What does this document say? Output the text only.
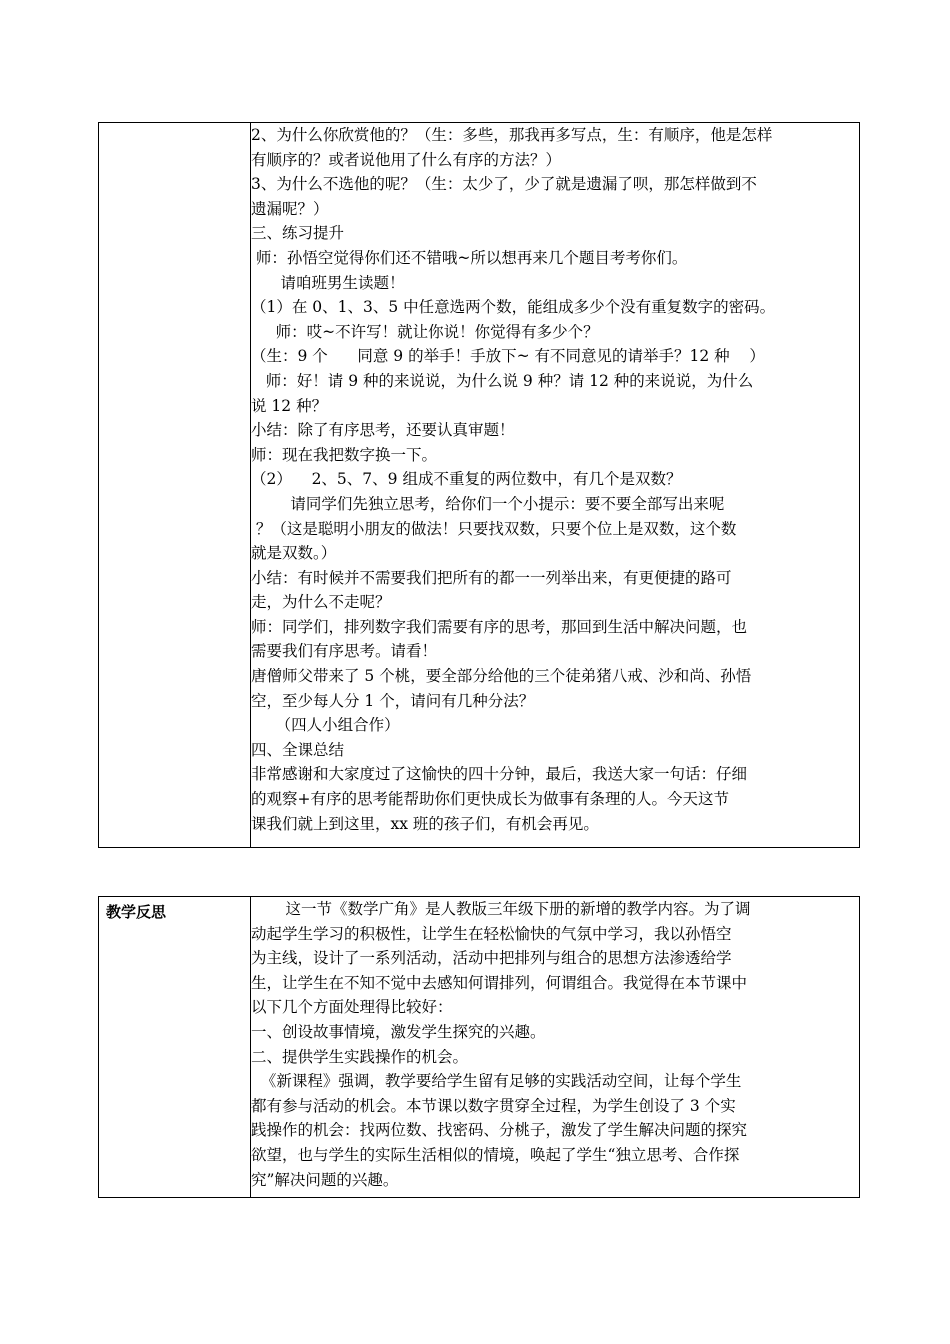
2、为什么你欣赏他的？（生：多些，那我再多写点，生：有顺序，他是怎样
有顺序的？或者说他用了什么有序的方法？）
3、为什么不选他的呢？（生：太少了，少了就是遗漏了呗，那怎样做到不
遗漏呢？）
三、练习提升
师：孙悟空觉得你们还不错哦~所以想再来几个题目考考你们。
请咱班男生读题！
（1）在 0、1、3、5 中任意选两个数，能组成多少个没有重复数字的密码。
师：哎~不许写！就让你说！你觉得有多少个？
（生：9 个      同意 9 的举手！手放下~ 有不同意见的请举手？12 种    ）
师：好！请 9 种的来说说，为什么说 9 种？请 12 种的来说说，为什么
说 12 种？
小结：除了有序思考，还要认真审题！
师：现在我把数字换一下。
（2）    2、5、7、9 组成不重复的两位数中，有几个是双数？
请同学们先独立思考，给你们一个小提示：要不要全部写出来呢
？（这是聪明小朋友的做法！只要找双数，只要个位上是双数，这个数
就是双数。）
小结：有时候并不需要我们把所有的都一一列举出来，有更便捷的路可
走，为什么不走呢？
师：同学们，排列数字我们需要有序的思考，那回到生活中解决问题，也
需要我们有序思考。请看！
唐僧师父带来了 5 个桃，要全部分给他的三个徒弟猪八戒、沙和尚、孙悟
空，至少每人分 1 个，请问有几种分法？
（四人小组合作）
四、全课总结
非常感谢和大家度过了这愉快的四十分钟，最后，我送大家一句话：仔细
的观察+有序的思考能帮助你们更快成长为做事有条理的人。今天这节
课我们就上到这里，xx 班的孩子们，有机会再见。
教学反思	这一节《数学广角》是人教版三年级下册的新增的教学内容。为了调
动起学生学习的积极性，让学生在轻松愉快的气氛中学习，我以孙悟空
为主线，设计了一系列活动，活动中把排列与组合的思想方法渗透给学
生，让学生在不知不觉中去感知何谓排列，何谓组合。我觉得在本节课中
以下几个方面处理得比较好：
一、创设故事情境，激发学生探究的兴趣。
二、提供学生实践操作的机会。
《新课程》强调，教学要给学生留有足够的实践活动空间，让每个学生
都有参与活动的机会。本节课以数字贯穿全过程，为学生创设了 3 个实
践操作的机会：找两位数、找密码、分桃子，激发了学生解决问题的探究
欲望，也与学生的实际生活相似的情境，唤起了学生“独立思考、合作探
究”解决问题的兴趣。
